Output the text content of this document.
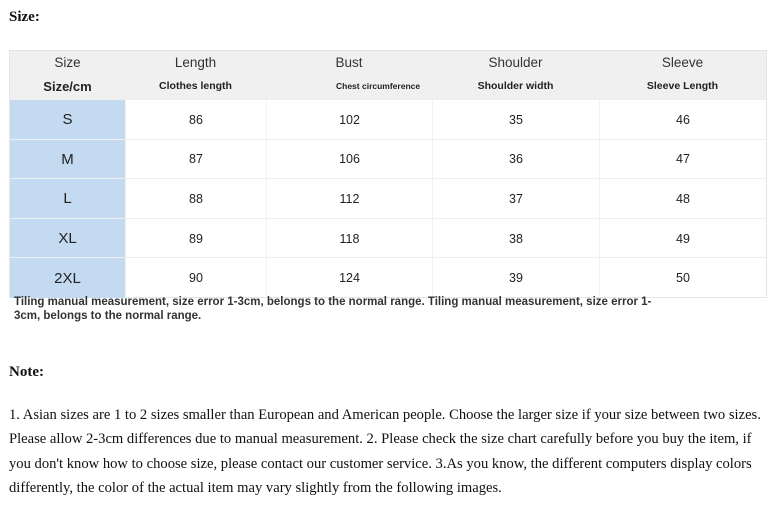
Size:
Size	Length	Bust	Shoulder	Sleeve
Size/cm	Clothes length	Chest circumference	Shoulder width	Sleeve Length
S	86	102	35	46
M	87	106	36	47
L	88	112	37	48
XL	89	118	38	49
2XL	90	124	39	50
Tiling manual measurement, size error 1-3cm, belongs to the normal range. Tiling manual measurement, size error 1-3cm, belongs to the normal range.
Note:
1. Asian sizes are 1 to 2 sizes smaller than European and American people. Choose the larger size if your size between two sizes. Please allow 2-3cm differences due to manual measurement. 2. Please check the size chart carefully before you buy the item, if you don't know how to choose size, please contact our customer service. 3.As you know, the different computers display colors differently, the color of the actual item may vary slightly from the following images.
